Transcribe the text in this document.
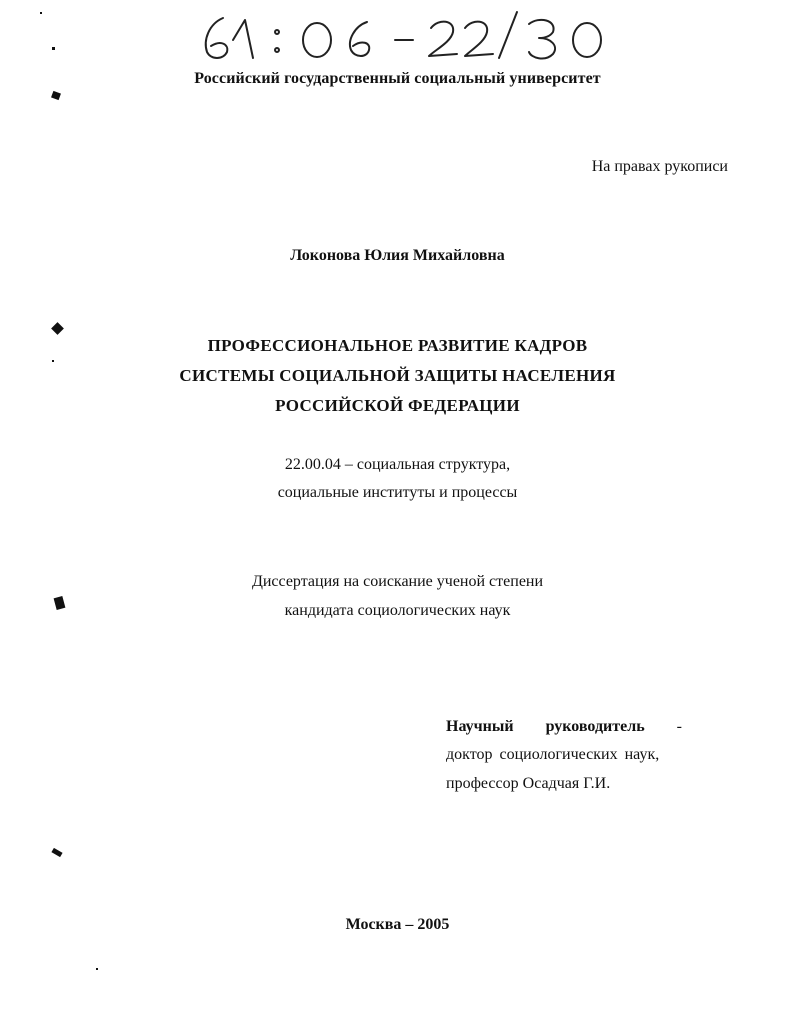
Российский государственный социальный университет
На правах рукописи
Локонова Юлия Михайловна
ПРОФЕССИОНАЛЬНОЕ РАЗВИТИЕ КАДРОВ
СИСТЕМЫ СОЦИАЛЬНОЙ ЗАЩИТЫ НАСЕЛЕНИЯ
РОССИЙСКОЙ ФЕДЕРАЦИИ
22.00.04 – социальная структура,
социальные институты и процессы
Диссертация на соискание ученой степени
кандидата социологических наук
Научный руководитель -
доктор социологических наук,
профессор Осадчая Г.И.
Москва – 2005
